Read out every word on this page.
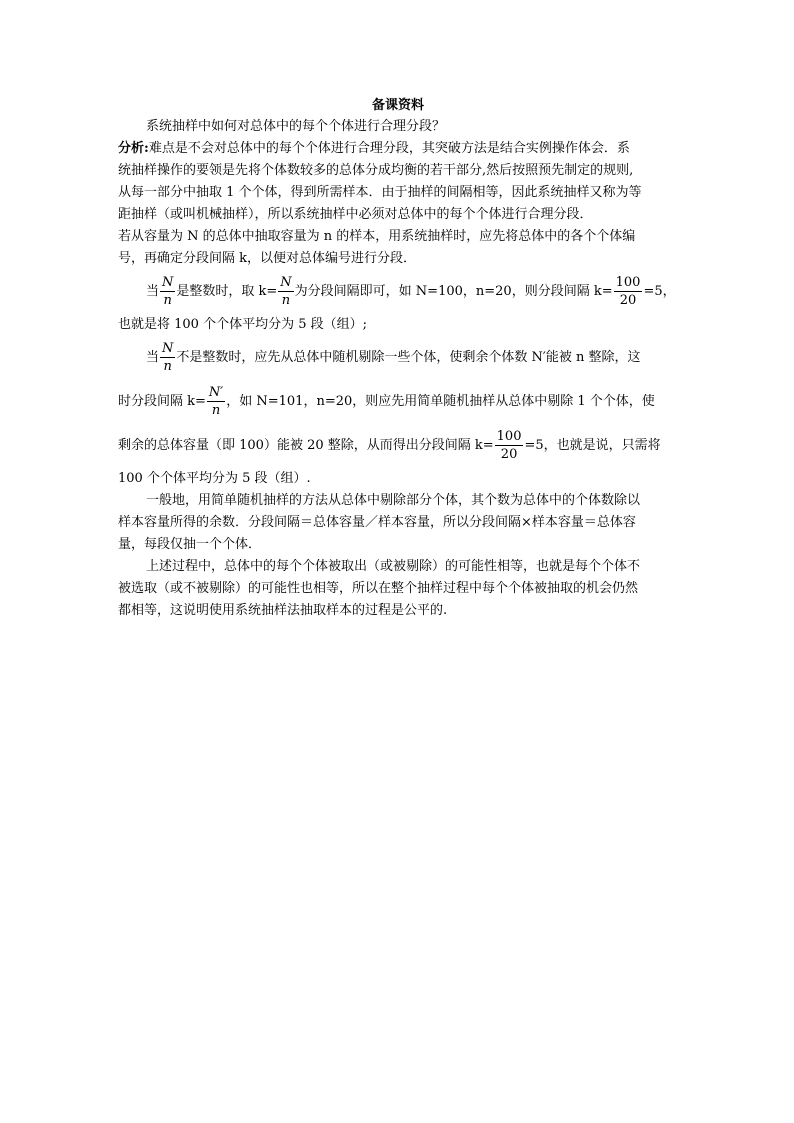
备课资料

系统抽样中如何对总体中的每个个体进行合理分段？

分析:难点是不会对总体中的每个个体进行合理分段，其突破方法是结合实例操作体会．系

统抽样操作的要领是先将个体数较多的总体分成均衡的若干部分,然后按照预先制定的规则,

从每一部分中抽取 1 个个体，得到所需样本．由于抽样的间隔相等，因此系统抽样又称为等

距抽样（或叫机械抽样），所以系统抽样中必须对总体中的每个个体进行合理分段．

若从容量为 N 的总体中抽取容量为 n 的样本，用系统抽样时，应先将总体中的各个个体编

号，再确定分段间隔 k，以便对总体编号进行分段．

当 $\frac{N}{n}$ 是整数时，取 $k= \frac{N}{n}$ 为分段间隔即可，如 N=100，n=20，则分段间隔 $k= \frac{100}{20} =5$，

也就是将 100 个个体平均分为 5 段（组）;

当 $\frac{N}{n}$ 不是整数时，应先从总体中随机剔除一些个体，使剩余个体数 N′能被 n 整除，这

时分段间隔 $k= \frac{N'}{n}$ ，如 N=101，n=20，则应先用简单随机抽样从总体中剔除 1 个个体，使

剩余的总体容量（即 100）能被 20 整除，从而得出分段间隔 $k= \frac{100}{20} =5$，也就是说，只需将

100 个个体平均分为 5 段（组）.

一般地，用简单随机抽样的方法从总体中剔除部分个体，其个数为总体中的个体数除以

样本容量所得的余数．分段间隔＝总体容量／样本容量，所以分段间隔×样本容量＝总体容

量，每段仅抽一个个体．

上述过程中，总体中的每个个体被取出（或被剔除）的可能性相等，也就是每个个体不

被选取（或不被剔除）的可能性也相等，所以在整个抽样过程中每个个体被抽取的机会仍然

都相等，这说明使用系统抽样法抽取样本的过程是公平的.
